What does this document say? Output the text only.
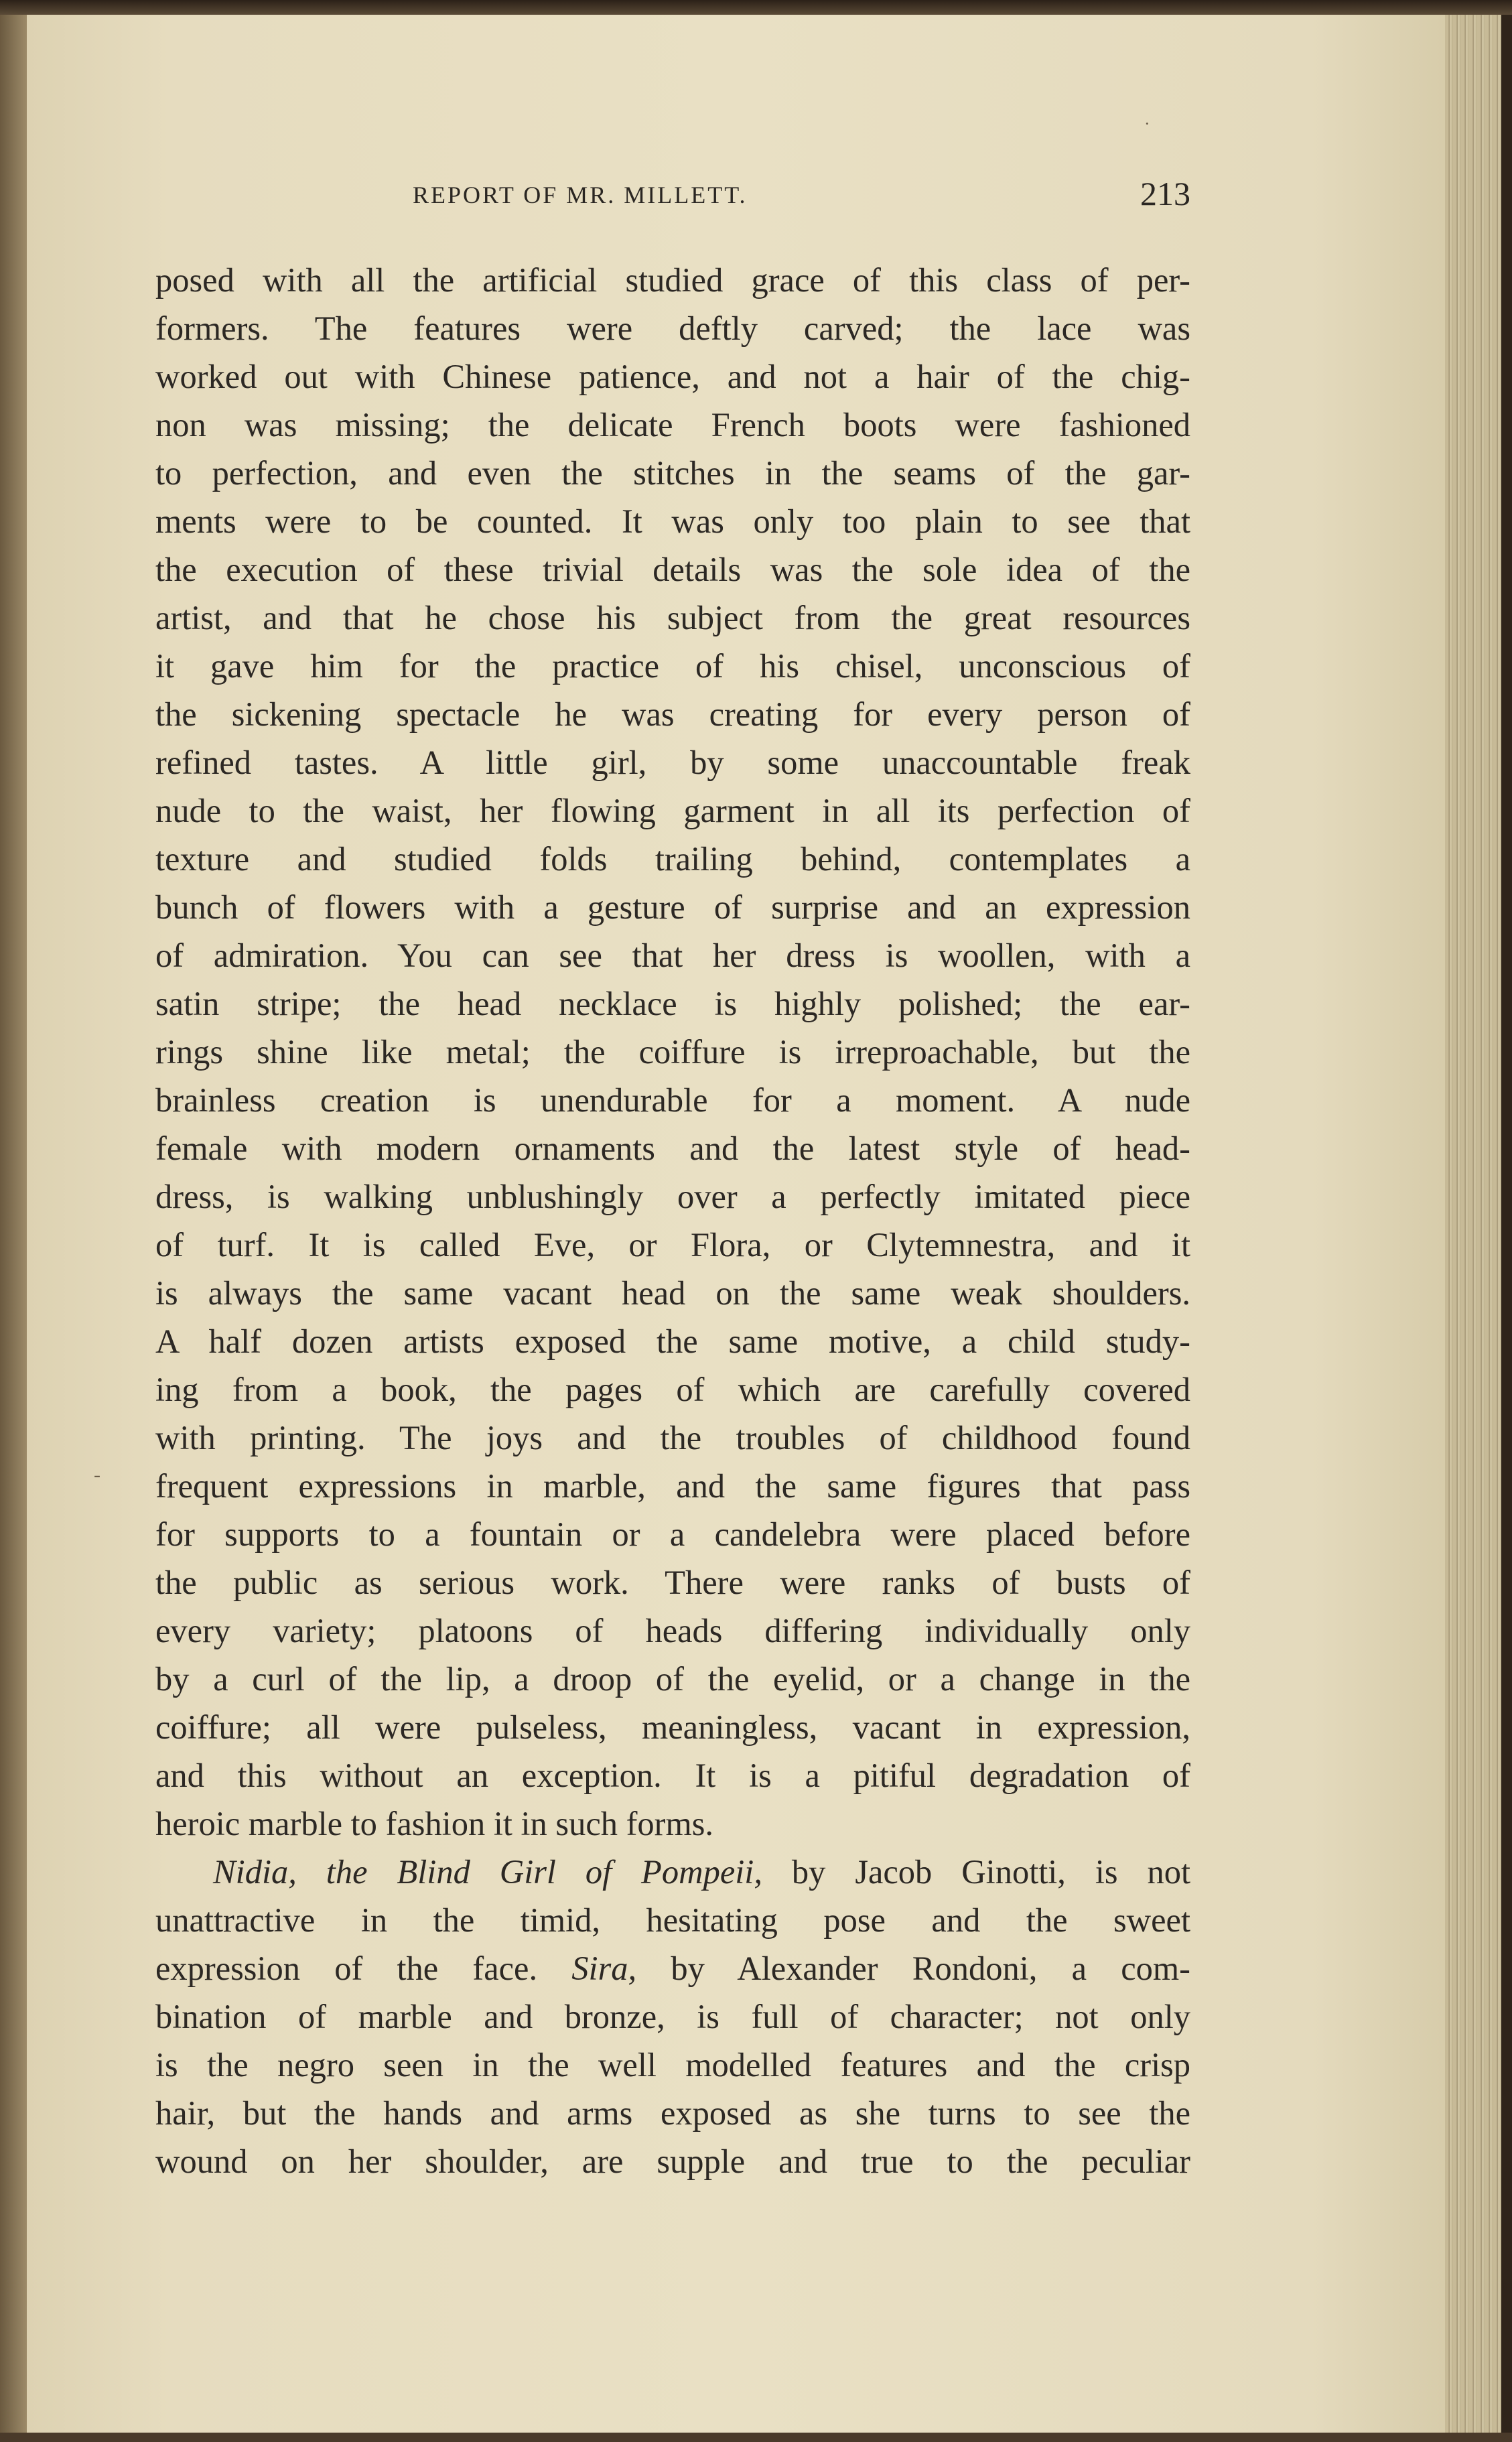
REPORT OF MR. MILLETT.	213
posed with all the artificial studied grace of this class of per-
formers. The features were deftly carved; the lace was
worked out with Chinese patience, and not a hair of the chig-
non was missing; the delicate French boots were fashioned
to perfection, and even the stitches in the seams of the gar-
ments were to be counted. It was only too plain to see that
the execution of these trivial details was the sole idea of the
artist, and that he chose his subject from the great resources
it gave him for the practice of his chisel, unconscious of
the sickening spectacle he was creating for every person of
refined tastes. A little girl, by some unaccountable freak
nude to the waist, her flowing garment in all its perfection of
texture and studied folds trailing behind, contemplates a
bunch of flowers with a gesture of surprise and an expression
of admiration. You can see that her dress is woollen, with a
satin stripe; the head necklace is highly polished; the ear-
rings shine like metal; the coiffure is irreproachable, but the
brainless creation is unendurable for a moment. A nude
female with modern ornaments and the latest style of head-
dress, is walking unblushingly over a perfectly imitated piece
of turf. It is called Eve, or Flora, or Clytemnestra, and it
is always the same vacant head on the same weak shoulders.
A half dozen artists exposed the same motive, a child study-
ing from a book, the pages of which are carefully covered
with printing. The joys and the troubles of childhood found
frequent expressions in marble, and the same figures that pass
for supports to a fountain or a candelebra were placed before
the public as serious work. There were ranks of busts of
every variety; platoons of heads differing individually only
by a curl of the lip, a droop of the eyelid, or a change in the
coiffure; all were pulseless, meaningless, vacant in expression,
and this without an exception. It is a pitiful degradation of
heroic marble to fashion it in such forms.
Nidia, the Blind Girl of Pompeii, by Jacob Ginotti, is not
unattractive in the timid, hesitating pose and the sweet
expression of the face. Sira, by Alexander Rondoni, a com-
bination of marble and bronze, is full of character; not only
is the negro seen in the well modelled features and the crisp
hair, but the hands and arms exposed as she turns to see the
wound on her shoulder, are supple and true to the peculiar
-
·
